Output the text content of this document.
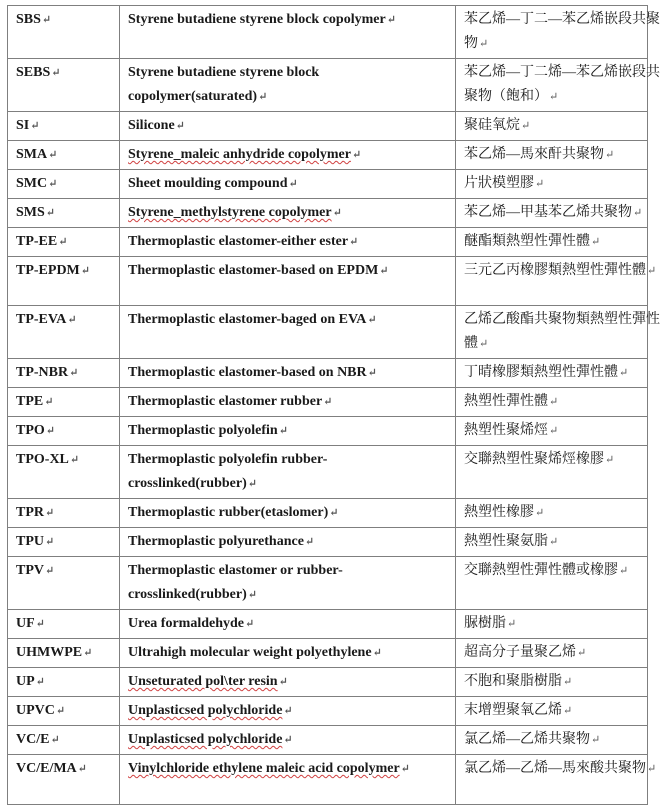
SBS↵	Styrene butadiene styrene block copolymer↵	苯乙烯—丁二—苯乙烯嵌段共聚物↵

SEBS↵	Styrene butadiene styrene block copolymer(saturated)↵	苯乙烯—丁二烯—苯乙烯嵌段共聚物（飽和）↵

SI↵	Silicone↵	聚硅氧烷↵
SMA↵	Styrene_maleic anhydride copolymer↵	苯乙烯—馬來酐共聚物↵
SMC↵	Sheet moulding compound↵	片狀模塑膠↵
SMS↵	Styrene_methylstyrene copolymer↵	苯乙烯—甲基苯乙烯共聚物↵
TP-EE↵	Thermoplastic elastomer-either ester↵	醚酯類熱塑性彈性體↵
TP-EPDM↵	Thermoplastic elastomer-based on EPDM↵	三元乙丙橡膠類熱塑性彈性體↵

TP-EVA↵	Thermoplastic elastomer-baged on EVA↵	乙烯乙酸酯共聚物類熱塑性彈性體↵

TP-NBR↵	Thermoplastic elastomer-based on NBR↵	丁晴橡膠類熱塑性彈性體↵
TPE↵	Thermoplastic elastomer rubber↵	熱塑性彈性體↵
TPO↵	Thermoplastic polyolefin↵	熱塑性聚烯烴↵
TPO-XL↵	Thermoplastic polyolefin rubber-crosslinked(rubber)↵	交聯熱塑性聚烯烴橡膠↵
TPR↵	Thermoplastic rubber(etaslomer)↵	熱塑性橡膠↵
TPU↵	Thermoplastic polyurethance↵	熱塑性聚氨脂↵
TPV↵	Thermoplastic elastomer or rubber-crosslinked(rubber)↵	交聯熱塑性彈性體或橡膠↵
UF↵	Urea formaldehyde↵	脲樹脂↵
UHMWPE↵	Ultrahigh molecular weight polyethylene↵	超高分子量聚乙烯↵
UP↵	Unseturated pol\ter resin↵	不胞和聚脂樹脂↵
UPVC↵	Unplasticsed polychloride↵	末增塑聚氧乙烯↵
VC/E↵	Unplasticsed polychloride↵	氯乙烯—乙烯共聚物↵
VC/E/MA↵	Vinylchloride ethylene maleic acid copolymer↵	氯乙烯—乙烯—馬來酸共聚物↵
